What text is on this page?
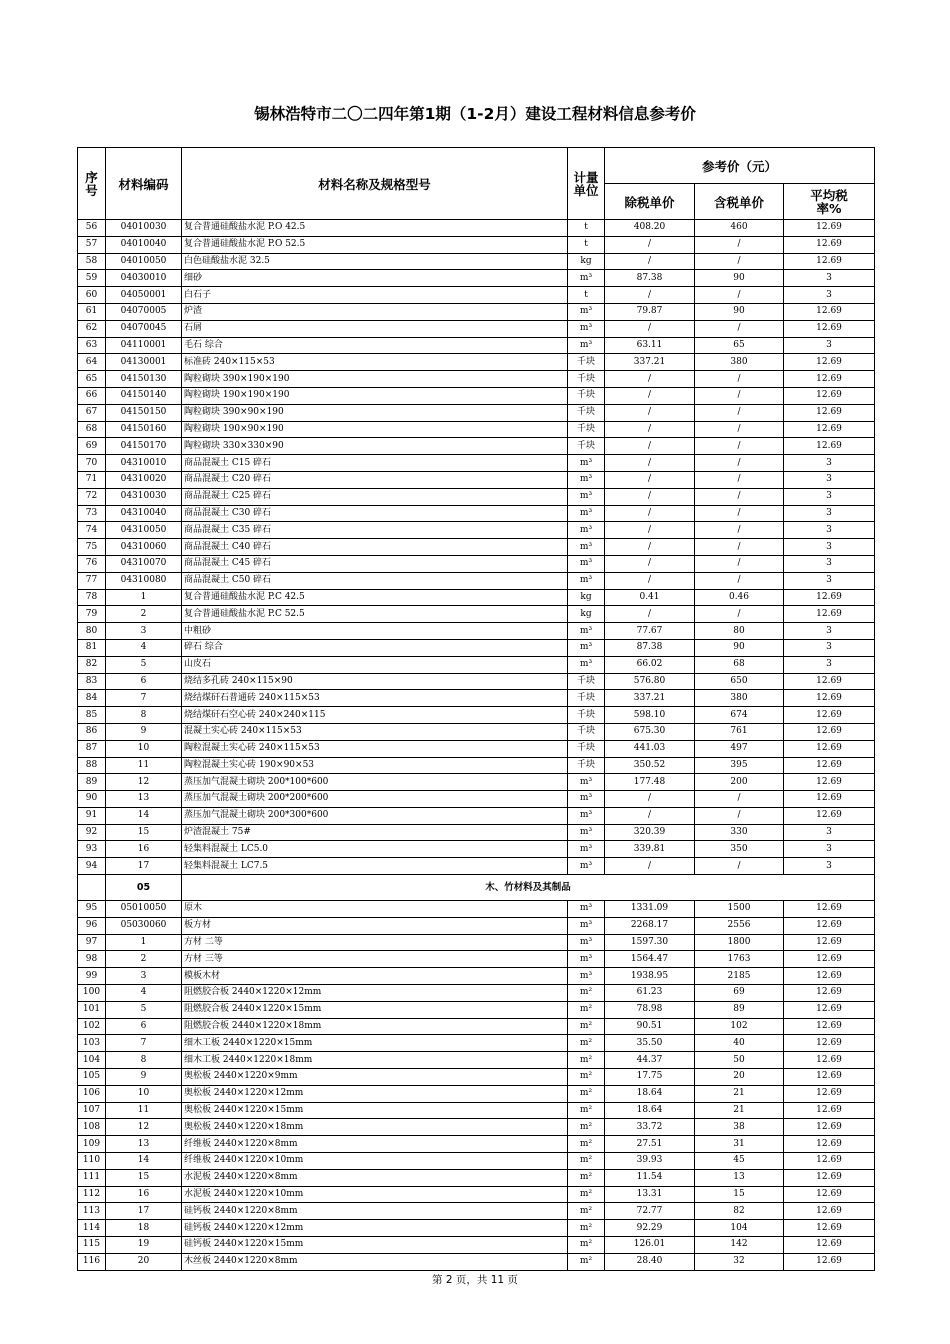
锡林浩特市二〇二四年第1期（1-2月）建设工程材料信息参考价
序号	材料编码	材料名称及规格型号	计量单位	参考价（元）		
				除税单价	含税单价	平均税率%
56	04010030	复合普通硅酸盐水泥 P.O 42.5	t	408.20	460	12.69
57	04010040	复合普通硅酸盐水泥 P.O 52.5	t	/	/	12.69
58	04010050	白色硅酸盐水泥 32.5	kg	/	/	12.69
59	04030010	细砂	m³	87.38	90	3
60	04050001	白石子	t	/	/	3
61	04070005	炉渣	m³	79.87	90	12.69
62	04070045	石屑	m³	/	/	12.69
63	04110001	毛石 综合	m³	63.11	65	3
64	04130001	标准砖 240×115×53	千块	337.21	380	12.69
65	04150130	陶粒砌块 390×190×190	千块	/	/	12.69
66	04150140	陶粒砌块 190×190×190	千块	/	/	12.69
67	04150150	陶粒砌块 390×90×190	千块	/	/	12.69
68	04150160	陶粒砌块 190×90×190	千块	/	/	12.69
69	04150170	陶粒砌块 330×330×90	千块	/	/	12.69
70	04310010	商品混凝土 C15 碎石	m³	/	/	3
71	04310020	商品混凝土 C20 碎石	m³	/	/	3
72	04310030	商品混凝土 C25 碎石	m³	/	/	3
73	04310040	商品混凝土 C30 碎石	m³	/	/	3
74	04310050	商品混凝土 C35 碎石	m³	/	/	3
75	04310060	商品混凝土 C40 碎石	m³	/	/	3
76	04310070	商品混凝土 C45 碎石	m³	/	/	3
77	04310080	商品混凝土 C50 碎石	m³	/	/	3
78	1	复合普通硅酸盐水泥 P.C 42.5	kg	0.41	0.46	12.69
79	2	复合普通硅酸盐水泥 P.C 52.5	kg	/	/	12.69
80	3	中粗砂	m³	77.67	80	3
81	4	碎石 综合	m³	87.38	90	3
82	5	山皮石	m³	66.02	68	3
83	6	烧结多孔砖 240×115×90	千块	576.80	650	12.69
84	7	烧结煤矸石普通砖 240×115×53	千块	337.21	380	12.69
85	8	烧结煤矸石空心砖 240×240×115	千块	598.10	674	12.69
86	9	混凝土实心砖 240×115×53	千块	675.30	761	12.69
87	10	陶粒混凝土实心砖 240×115×53	千块	441.03	497	12.69
88	11	陶粒混凝土实心砖 190×90×53	千块	350.52	395	12.69
89	12	蒸压加气混凝土砌块 200*100*600	m³	177.48	200	12.69
90	13	蒸压加气混凝土砌块 200*200*600	m³	/	/	12.69
91	14	蒸压加气混凝土砌块 200*300*600	m³	/	/	12.69
92	15	炉渣混凝土 75#	m³	320.39	330	3
93	16	轻集料混凝土 LC5.0	m³	339.81	350	3
94	17	轻集料混凝土 LC7.5	m³	/	/	3
	05	木、竹材料及其制品				
95	05010050	原木	m³	1331.09	1500	12.69
96	05030060	板方材	m³	2268.17	2556	12.69
97	1	方材 二等	m³	1597.30	1800	12.69
98	2	方材 三等	m³	1564.47	1763	12.69
99	3	模板木材	m³	1938.95	2185	12.69
100	4	阻燃胶合板 2440×1220×12mm	m²	61.23	69	12.69
101	5	阻燃胶合板 2440×1220×15mm	m²	78.98	89	12.69
102	6	阻燃胶合板 2440×1220×18mm	m²	90.51	102	12.69
103	7	细木工板 2440×1220×15mm	m²	35.50	40	12.69
104	8	细木工板 2440×1220×18mm	m²	44.37	50	12.69
105	9	奥松板 2440×1220×9mm	m²	17.75	20	12.69
106	10	奥松板 2440×1220×12mm	m²	18.64	21	12.69
107	11	奥松板 2440×1220×15mm	m²	18.64	21	12.69
108	12	奥松板 2440×1220×18mm	m²	33.72	38	12.69
109	13	纤维板 2440×1220×8mm	m²	27.51	31	12.69
110	14	纤维板 2440×1220×10mm	m²	39.93	45	12.69
111	15	水泥板 2440×1220×8mm	m²	11.54	13	12.69
112	16	水泥板 2440×1220×10mm	m²	13.31	15	12.69
113	17	硅钙板 2440×1220×8mm	m²	72.77	82	12.69
114	18	硅钙板 2440×1220×12mm	m²	92.29	104	12.69
115	19	硅钙板 2440×1220×15mm	m²	126.01	142	12.69
116	20	木丝板 2440×1220×8mm	m²	28.40	32	12.69
第 2 页，共 11 页
